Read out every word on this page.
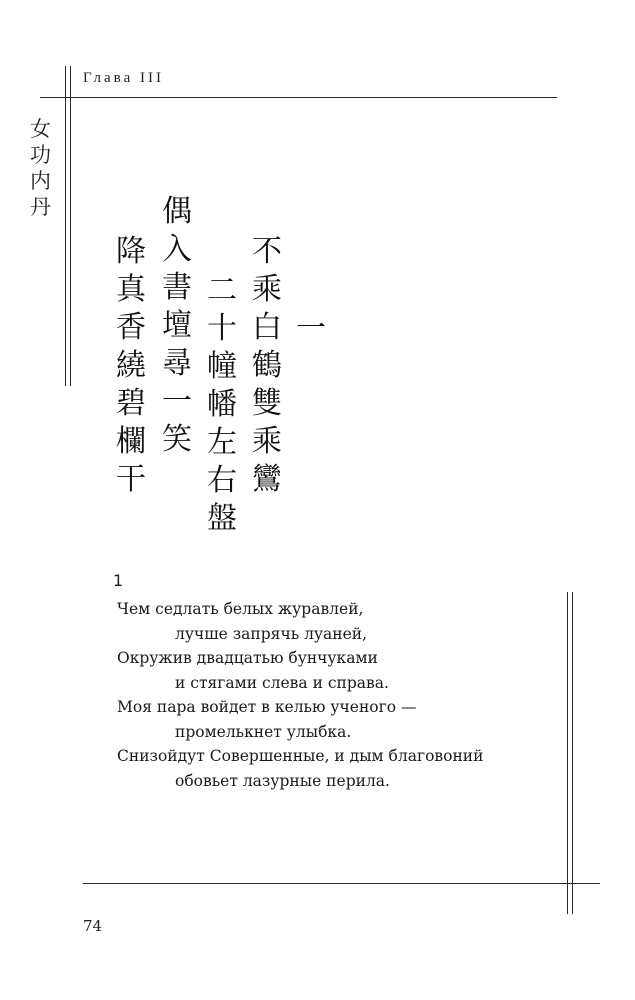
Глава III
女
功
内
丹
一
不
乘
白
鶴
雙
乘
鸞
二
十
幢
幡
左
右
盤
偶
入
書
壇
尋
一
笑
降
真
香
繞
碧
欄
干
1
Чем седлать белых журавлей,
лучше запрячь луаней,
Окружив двадцатью бунчуками
и стягами слева и справа.
Моя пара войдет в келью ученого —
промелькнет улыбка.
Снизойдут Совершенные, и дым благовоний
обовьет лазурные перила.
74
